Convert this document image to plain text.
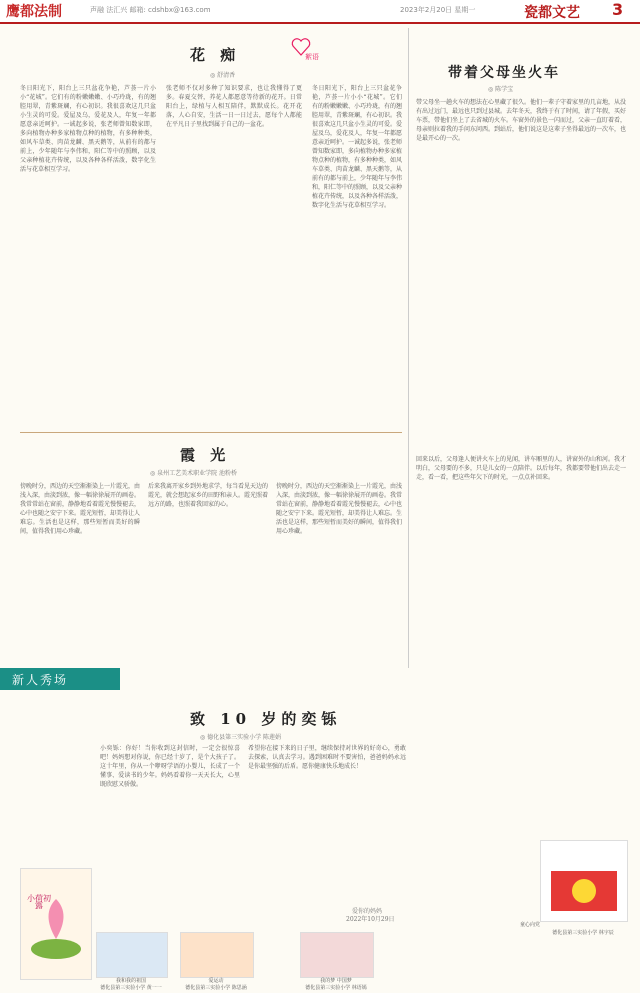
鹰都法制	声融 法汇兴 邮箱: cdshbx@163.com	2023年2月20日 星期一	瓷都文艺 3
花 痴
◎ 舒清香
絮语
冬日阳光下，阳台上三只盆花争艳，芦荟一片小小“花城”。它们有的粉嫩嫩嫩、小巧玲珑，有的翘腔用翠，青紫斑斓，有心初识。我很喜欢这几只盆小生灵的可爱。爱屋及乌，爱花及人，年复一年都愿意亲近呵护。一诚起多说，张老师曾知数家即，多向植物办种多家植物点种的植物，有多种种类，如风车草类、肉苗龙麟、黑天鹅等，从前有的都与前上，少年随年与李伟和，阳仁等中的照顾，以及父亲种植花卉传统，以及各种各样活泼，数字化生活与花草相互学习。
张老师不仅对多种了知识要求，也让我懂得了更多。春夏交替，养花人都愿意等待新的花开。日常阳台上，绿植与人相互陪伴，默默成长。花开花落，人心自安，生活一日一日过去，愿每个人都能在平凡日子里找到属于自己的一盆花。
冬日阳光下，阳台上三只盆花争艳，芦荟一片小小“花城”。它们有的粉嫩嫩嫩、小巧玲珑，有的翘腔用翠，青紫斑斓，有心初识。我很喜欢这几只盆小生灵的可爱。爱屋及乌，爱花及人，年复一年都愿意亲近呵护。一诚起多说，张老师曾知数家即，多向植物办种多家植物点种的植物，有多种种类，如风车草类、肉苗龙麟、黑天鹅等，从前有的都与前上，少年随年与李伟和，阳仁等中的照顾，以及父亲种植花卉传统，以及各种各样活泼，数字化生活与花草相互学习。
带着父母坐火车
◎ 陈学宝
带父母坐一趟火车的想法在心里藏了很久。他们一辈子守着家里的几亩地，从没有出过远门，最远也只到过县城。去年冬天，我终于有了时间，请了年假，买好车票，带他们坐上了去省城的火车。车窗外的景色一闪而过，父亲一直盯着看，母亲则拉着我的手问东问西。到站后，他们说这是这辈子坐得最远的一次车，也是最开心的一次。
回来以后，父母逢人便讲火车上的见闻，讲车厢里的人，讲窗外的山和河。我才明白，父母要的不多，只是儿女的一点陪伴。以后每年，我都要带他们出去走一走，看一看，把这些年欠下的时光，一点点补回来。
霞 光
◎ 泉州工艺美术职业学院 池粉桥
傍晚时分，西边的天空渐渐染上一片霞光，由浅入深，由淡到浓，像一幅徐徐展开的画卷。我常常站在窗前，静静地看着霞光慢慢褪去，心中也随之安宁下来。霞光短暂，却美得让人难忘。生活也是这样，那些短暂而美好的瞬间，值得我们用心珍藏。
后来我离开家乡到外地求学，每当看见天边的霞光，就会想起家乡的田野和亲人。霞光照着远方的路，也照着我回家的心。
傍晚时分，西边的天空渐渐染上一片霞光，由浅入深，由淡到浓，像一幅徐徐展开的画卷。我常常站在窗前，静静地看着霞光慢慢褪去，心中也随之安宁下来。霞光短暂，却美得让人难忘。生活也是这样，那些短暂而美好的瞬间，值得我们用心珍藏。
新人秀场
致 10 岁的奕铄
◎ 德化县第三实验小学 陈莲娟
小奕铄：你好！当你收到这封信时，一定会很惊喜吧！妈妈想对你说，你已经十岁了，是个大孩子了。这十年里，你从一个咿呀学语的小婴儿，长成了一个懂事、爱读书的少年。妈妈看着你一天天长大，心里既欣慰又骄傲。
希望你在接下来的日子里，继续保持对世界的好奇心，勇敢去探索，认真去学习。遇到困难时不要害怕，爸爸妈妈永远是你最坚强的后盾。愿你健康快乐地成长！
爱你的妈妈
2022年10月29日
小荷初露
我和我的祖国
德化县第三实验小学 黄一一
爱运动
德化县第三实验小学 陈思涵
我的梦 中国梦
德化县第三实验小学 林语嫣
童心向党
德化县第三实验小学 林宇辰
